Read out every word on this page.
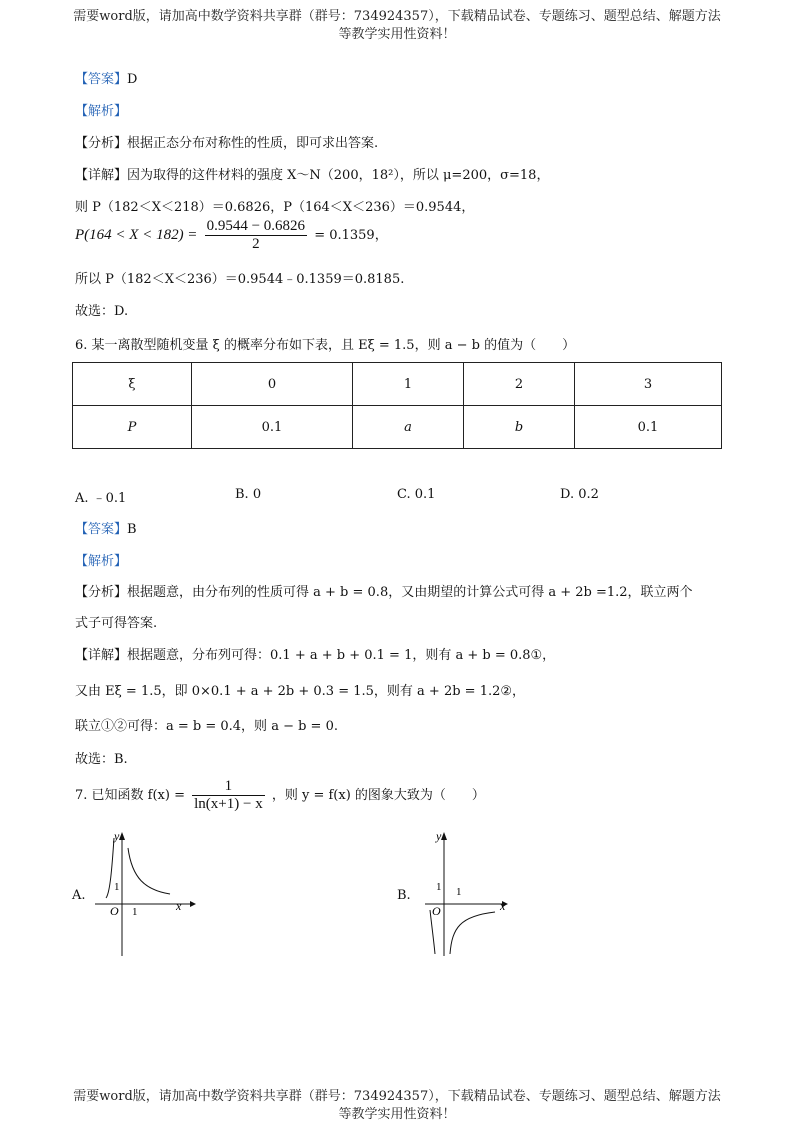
需要word版，请加高中数学资料共享群（群号：734924357），下载精品试卷、专题练习、题型总结、解题方法
等教学实用性资料！
【答案】D
【解析】
【分析】根据正态分布对称性的性质，即可求出答案.
【详解】因为取得的这件材料的强度 X～N（200，18²），所以 μ=200，σ=18，
则 P（182＜X＜218）＝0.6826，P（164＜X＜236）＝0.9544，
$P(164 < X < 182) = \frac{0.9544 - 0.6826}{2} = 0.1359$，
所以 P（182＜X＜236）＝0.9544﹣0.1359＝0.8185.
故选：D.
6. 某一离散型随机变量 ξ 的概率分布如下表，且 Eξ = 1.5，则 a − b 的值为（　　）
ξ	0	1	2	3
P	0.1	a	b	0.1
A. ﹣0.1	B. 0	C. 0.1	D. 0.2
【答案】B
【解析】
【分析】根据题意，由分布列的性质可得 a + b = 0.8，又由期望的计算公式可得 a + 2b =1.2，联立两个
式子可得答案.
【详解】根据题意，分布列可得：0.1 + a + b + 0.1 = 1，则有 a + b = 0.8①，
又由 Eξ = 1.5，即 0×0.1 + a + 2b + 0.3 = 1.5，则有 a + 2b = 1.2②，
联立①②可得：a = b = 0.4，则 a − b = 0.
故选：B.
7. 已知函数 $f(x) = \frac{1}{\ln(x+1) - x}$ ，则 y = f(x) 的图象大致为（　　）
A.
y
x
O
1
1
B.
y
x
O
1 1
需要word版，请加高中数学资料共享群（群号：734924357），下载精品试卷、专题练习、题型总结、解题方法
等教学实用性资料！
